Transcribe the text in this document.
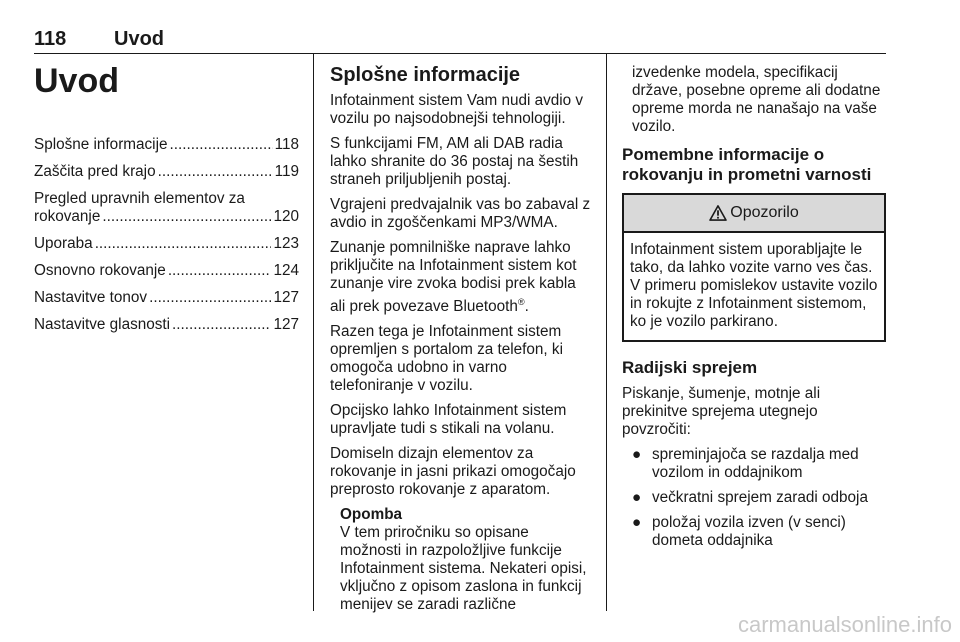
118 Uvod
Uvod
Splošne informacije .....	118
Zaščita pred krajo .....	119
Pregled upravnih elementov za
rokovanje .....	120
Uporaba .....	123
Osnovno rokovanje .....	124
Nastavitve tonov .....	127
Nastavitve glasnosti .....	127
Splošne informacije

Infotainment sistem Vam nudi avdio v vozilu po najsodobnejši tehnologiji.

S funkcijami FM, AM ali DAB radia lahko shranite do 36 postaj na šestih straneh priljubljenih postaj.

Vgrajeni predvajalnik vas bo zabaval z avdio in zgoščenkami MP3/WMA.

Zunanje pomnilniške naprave lahko priključite na Infotainment sistem kot zunanje vire zvoka bodisi prek kabla ali prek povezave Bluetooth®.

Razen tega je Infotainment sistem opremljen s portalom za telefon, ki omogoča udobno in varno telefoniranje v vozilu.

Opcijsko lahko Infotainment sistem upravljate tudi s stikali na volanu.

Domiseln dizajn elementov za rokovanje in jasni prikazi omogočajo preprosto rokovanje z aparatom.

Opomba
V tem priročniku so opisane možnosti in razpoložljive funkcije Infotainment sistema. Nekateri opisi, vključno z opisom zaslona in funkcij menijev se zaradi različne
izvedenke modela, specifikacij države, posebne opreme ali dodatne opreme morda ne nanašajo na vaše vozilo.
Pomembne informacije o rokovanju in prometni varnosti
Opozorilo
Infotainment sistem uporabljajte le tako, da lahko vozite varno ves čas. V primeru pomislekov ustavite vozilo in rokujte z Infotainment sistemom, ko je vozilo parkirano.
Radijski sprejem

Piskanje, šumenje, motnje ali prekinitve sprejema utegnejo povzročiti:

● spreminjajoča se razdalja med vozilom in oddajnikom
● večkratni sprejem zaradi odboja
● položaj vozila izven (v senci) dometa oddajnika
carmanualsonline.info
